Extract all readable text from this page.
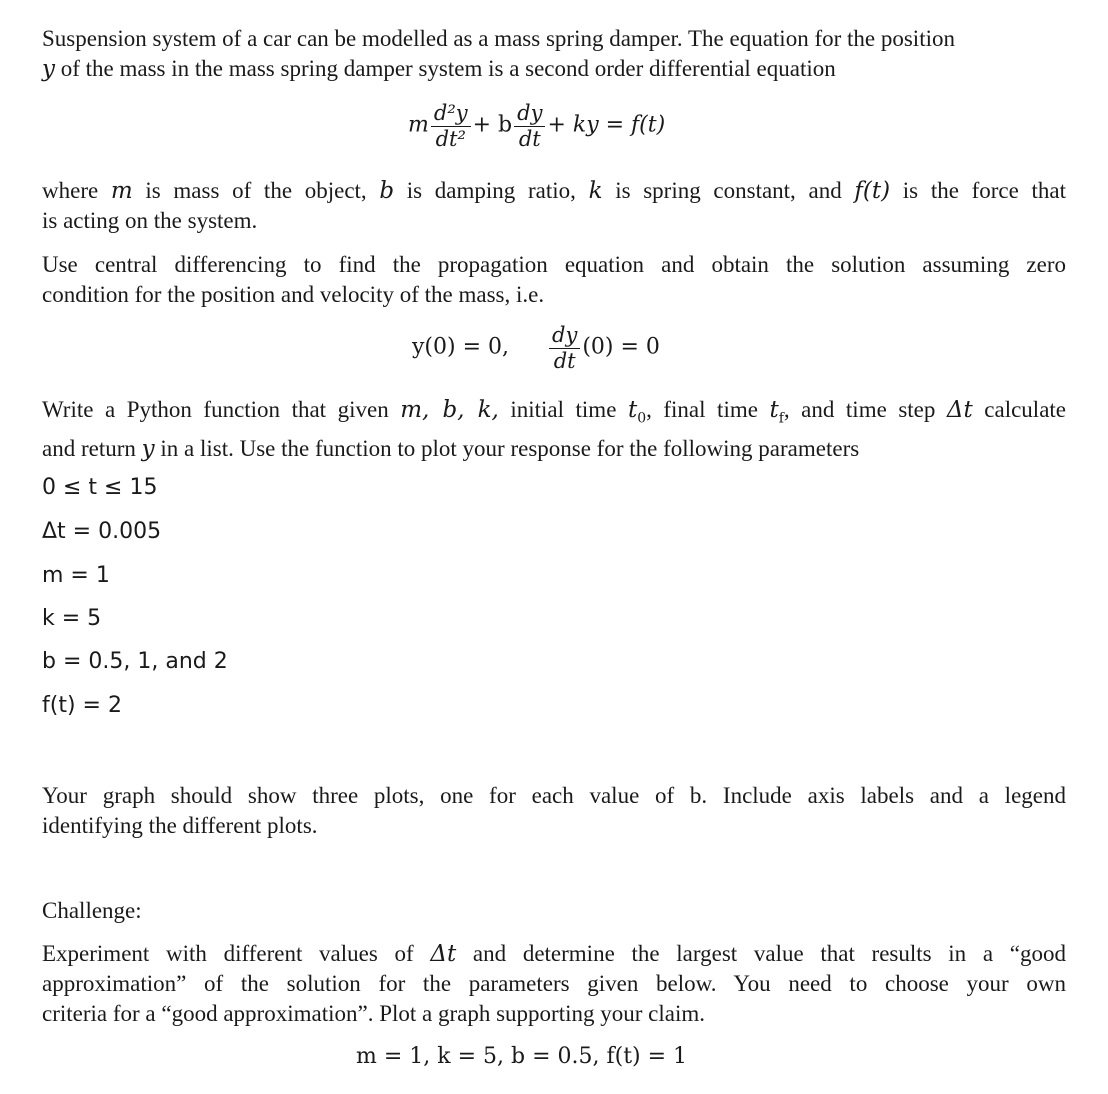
Suspension system of a car can be modelled as a mass spring damper. The equation for the position
y of the mass in the mass spring damper system is a second order differential equation
m $\frac{\text{d²y}}{\text{dt²}} + b \frac{dy}{dt}$ + ky = f(t)
where m is mass of the object, b is damping ratio, k is spring constant, and f(t) is the force that
is acting on the system.
Use central differencing to find the propagation equation and obtain the solution assuming zero
condition for the position and velocity of the mass, i.e.
y(0) = 0, $\frac{dy}{dt} (0) = 0$
Write a Python function that given m, b, k, initial time $t_0$, final time $t_f$, and time step Δt calculate
and return y in a list. Use the function to plot your response for the following parameters
0 ≤ t ≤ 15
Δt = 0.005
m = 1
k = 5
b = 0.5, 1, and 2
f(t) = 2
Your graph should show three plots, one for each value of b. Include axis labels and a legend
identifying the different plots.
Challenge:
Experiment with different values of Δt and determine the largest value that results in a “good
approximation” of the solution for the parameters given below. You need to choose your own
criteria for a “good approximation”. Plot a graph supporting your claim.
m = 1, k = 5, b = 0.5, f(t) = 1
